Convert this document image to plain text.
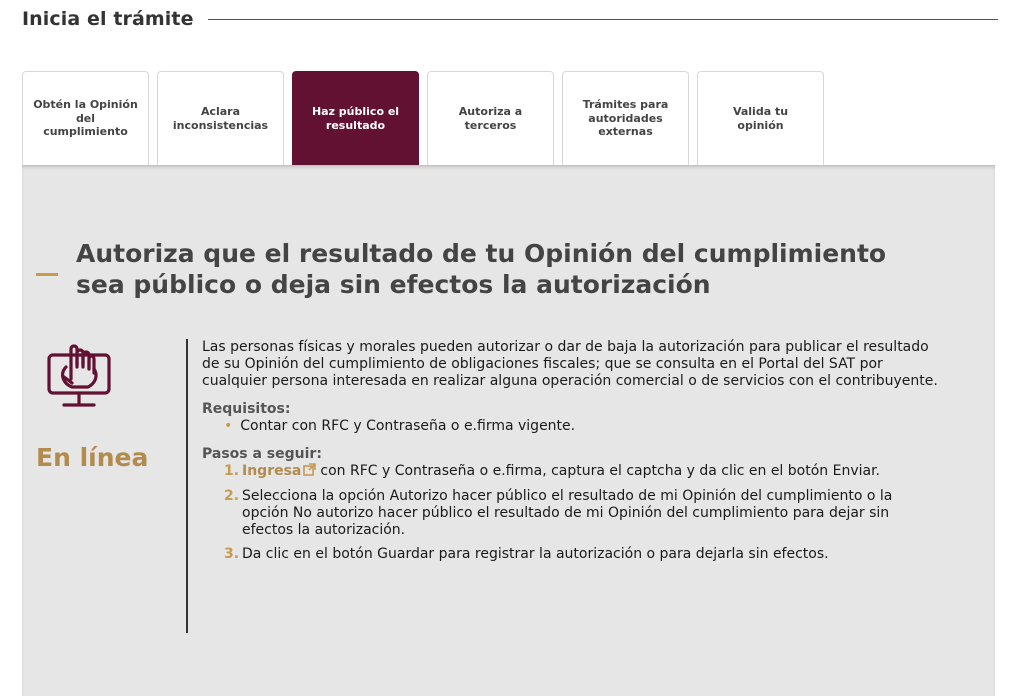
Inicia el trámite
Obtén la Opinión del cumplimiento
Aclara inconsistencias
Haz público el resultado
Autoriza a terceros
Trámites para autoridades externas
Valida tu opinión
Autoriza que el resultado de tu Opinión del cumplimiento sea público o deja sin efectos la autorización
En línea

Las personas físicas y morales pueden autorizar o dar de baja la autorización para publicar el resultado de su Opinión del cumplimiento de obligaciones fiscales; que se consulta en el Portal del SAT por cualquier persona interesada en realizar alguna operación comercial o de servicios con el contribuyente.

Requisitos:
• Contar con RFC y Contraseña o e.firma vigente.
Pasos a seguir:
1. Ingresa con RFC y Contraseña o e.firma, captura el captcha y da clic en el botón Enviar.
2. Selecciona la opción Autorizo hacer público el resultado de mi Opinión del cumplimiento o la opción No autorizo hacer público el resultado de mi Opinión del cumplimiento para dejar sin efectos la autorización.
3. Da clic en el botón Guardar para registrar la autorización o para dejarla sin efectos.
